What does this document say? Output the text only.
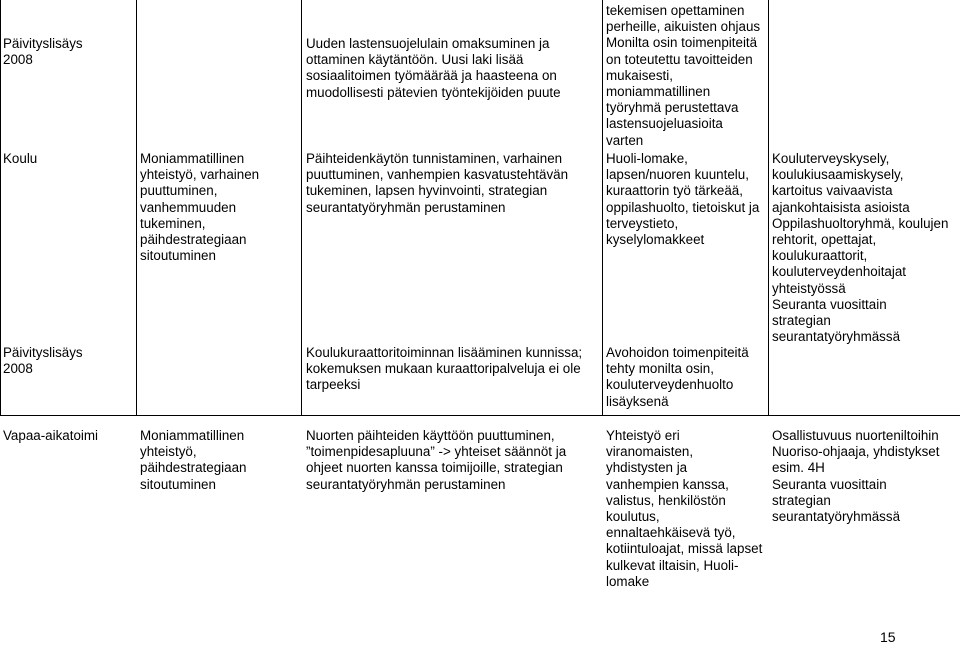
Päivityslisäys
2008
Koulu
Päivityslisäys
2008
Vapaa-aikatoimi
Moniammatillinen
yhteistyö, varhainen
puuttuminen,
vanhemmuuden
tukeminen,
päihdestrategiaan
sitoutuminen
Moniammatillinen
yhteistyö,
päihdestrategiaan
sitoutuminen
Uuden lastensuojelulain omaksuminen ja
ottaminen käytäntöön. Uusi laki lisää
sosiaalitoimen työmäärää ja haasteena on
muodollisesti pätevien työntekijöiden puute
Päihteidenkäytön tunnistaminen, varhainen
puuttuminen, vanhempien kasvatustehtävän
tukeminen, lapsen hyvinvointi, strategian
seurantatyöryhmän perustaminen
Koulukuraattoritoiminnan lisääminen kunnissa;
kokemuksen mukaan kuraattoripalveluja ei ole
tarpeeksi
Nuorten päihteiden käyttöön puuttuminen,
”toimenpidesapluuna” -> yhteiset säännöt ja
ohjeet nuorten kanssa toimijoille, strategian
seurantatyöryhmän perustaminen
tekemisen opettaminen
perheille, aikuisten ohjaus
Monilta osin toimenpiteitä
on toteutettu tavoitteiden
mukaisesti,
moniammatillinen
työryhmä perustettava
lastensuojeluasioita
varten
Huoli-lomake,
lapsen/nuoren kuuntelu,
kuraattorin työ tärkeää,
oppilashuolto, tietoiskut ja
terveystieto,
kyselylomakkeet
Avohoidon toimenpiteitä
tehty monilta osin,
kouluterveydenhuolto
lisäyksenä
Yhteistyö eri
viranomaisten,
yhdistysten ja
vanhempien kanssa,
valistus, henkilöstön
koulutus,
ennaltaehkäisevä työ,
kotiintuloajat, missä lapset
kulkevat iltaisin, Huoli-
lomake
Kouluterveyskysely,
koulukiusaamiskysely,
kartoitus vaivaavista
ajankohtaisista asioista
Oppilashuoltoryhmä, koulujen
rehtorit, opettajat,
koulukuraattorit,
kouluterveydenhoitajat
yhteistyössä
Seuranta vuosittain
strategian
seurantatyöryhmässä
Osallistuvuus nuorteniltoihin
Nuoriso-ohjaaja, yhdistykset
esim. 4H
Seuranta vuosittain
strategian
seurantatyöryhmässä
15
